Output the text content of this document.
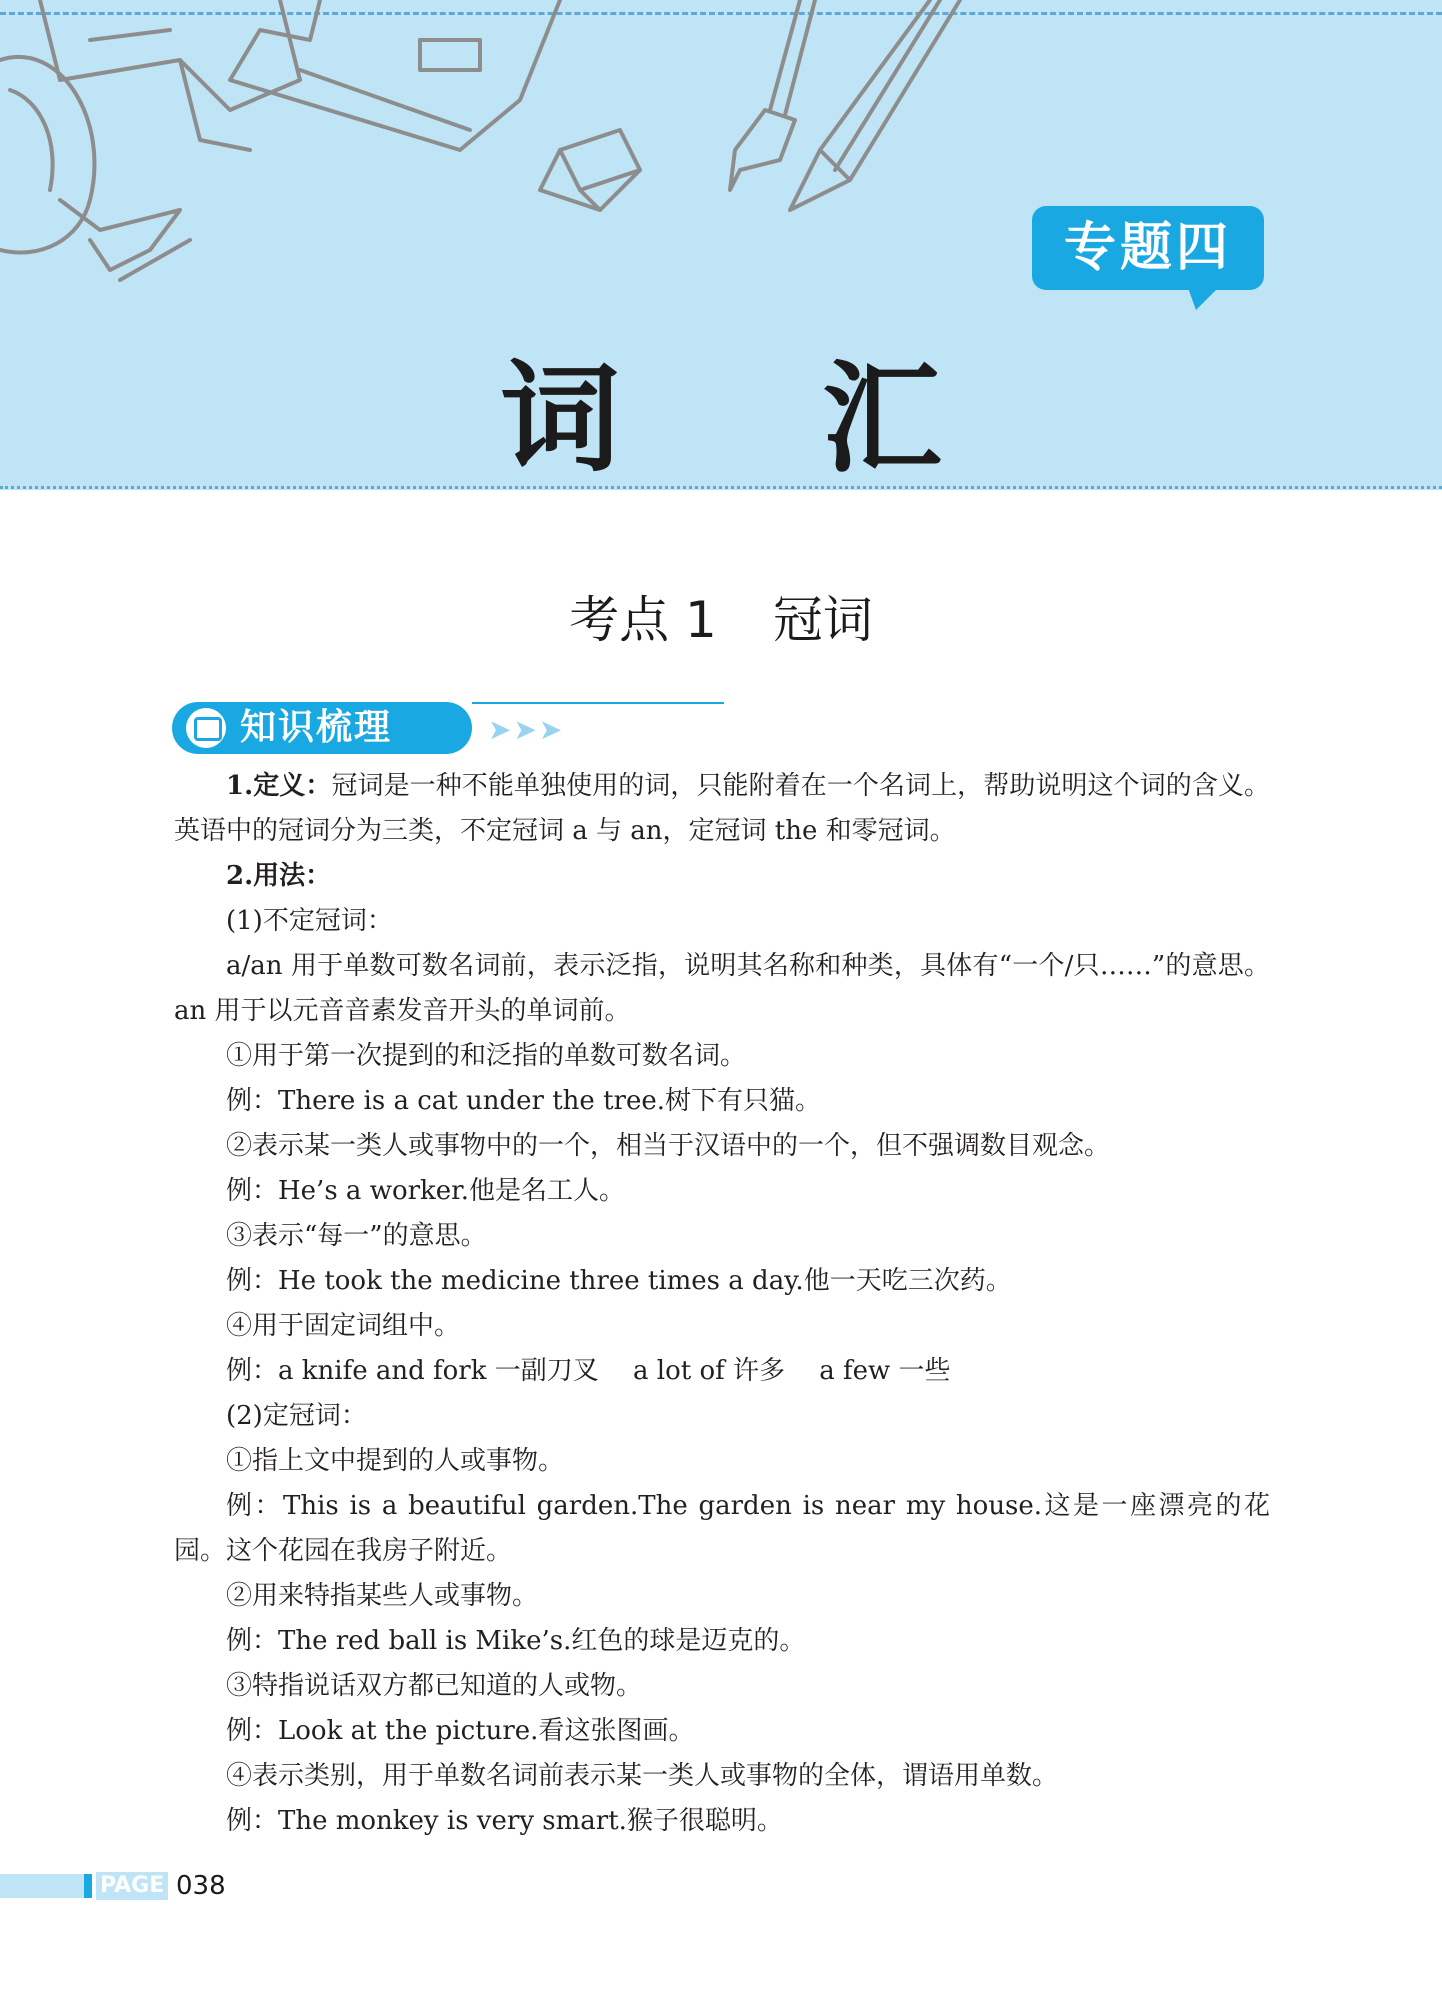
专题四
词 汇
考点 1 冠词
知识梳理	➤➤➤

1.定义：冠词是一种不能单独使用的词，只能附着在一个名词上，帮助说明这个词的含义。英语中的冠词分为三类，不定冠词 a 与 an，定冠词 the 和零冠词。

2.用法：

(1)不定冠词：

a/an 用于单数可数名词前，表示泛指，说明其名称和种类，具体有“一个/只……”的意思。an 用于以元音音素发音开头的单词前。

①用于第一次提到的和泛指的单数可数名词。

例：There is a cat under the tree.树下有只猫。

②表示某一类人或事物中的一个，相当于汉语中的一个，但不强调数目观念。

例：He’s a worker.他是名工人。

③表示“每一”的意思。

例：He took the medicine three times a day.他一天吃三次药。

④用于固定词组中。

例：a knife and fork 一副刀叉　 a lot of 许多　 a few 一些

(2)定冠词：

①指上文中提到的人或事物。

例：This is a beautiful garden.The garden is near my house.这是一座漂亮的花园。这个花园在我房子附近。

②用来特指某些人或事物。

例：The red ball is Mike’s.红色的球是迈克的。

③特指说话双方都已知道的人或物。

例：Look at the picture.看这张图画。

④表示类别，用于单数名词前表示某一类人或事物的全体，谓语用单数。

例：The monkey is very smart.猴子很聪明。

PAGE 038
